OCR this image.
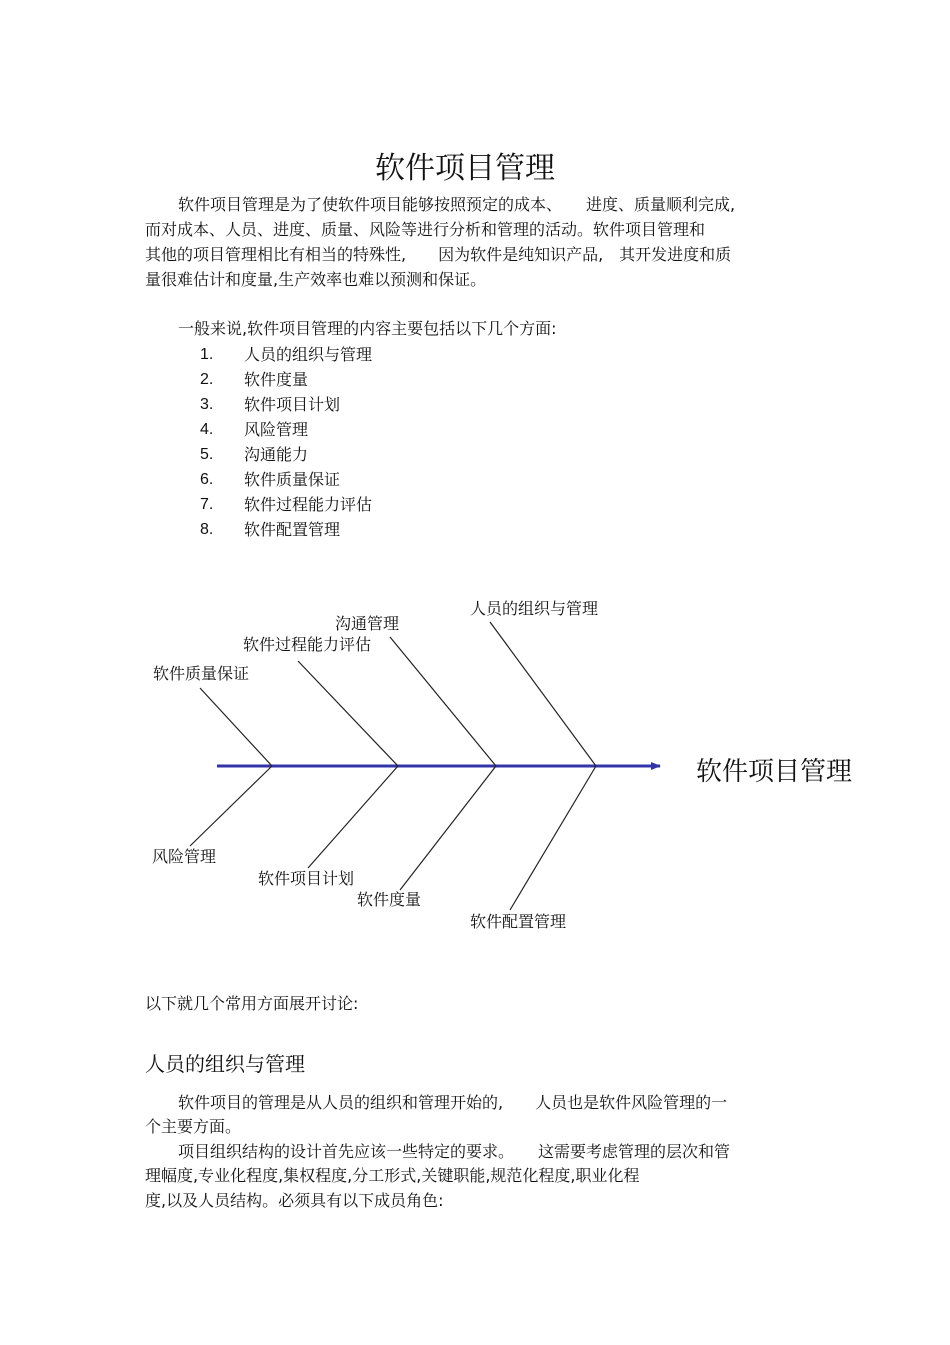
软件项目管理
软件项目管理是为了使软件项目能够按照预定的成本、　　进度、质量顺利完成,
而对成本、人员、进度、质量、风险等进行分析和管理的活动。软件项目管理和
其他的项目管理相比有相当的特殊性,　　因为软件是纯知识产品,　其开发进度和质
量很难估计和度量,生产效率也难以预测和保证。
一般来说,软件项目管理的内容主要包括以下几个方面:
1. 人员的组织与管理
2. 软件度量
3. 软件项目计划
4. 风险管理
5. 沟通能力
6. 软件质量保证
7. 软件过程能力评估
8. 软件配置管理
软件质量保证
软件过程能力评估
沟通管理
人员的组织与管理
风险管理
软件项目计划
软件度量
软件配置管理
软件项目管理
以下就几个常用方面展开讨论:
人员的组织与管理
软件项目的管理是从人员的组织和管理开始的,　　人员也是软件风险管理的一
个主要方面。
项目组织结构的设计首先应该一些特定的要求。　　这需要考虑管理的层次和管
理幅度,专业化程度,集权程度,分工形式,关键职能,规范化程度,职业化程
度,以及人员结构。必须具有以下成员角色:
